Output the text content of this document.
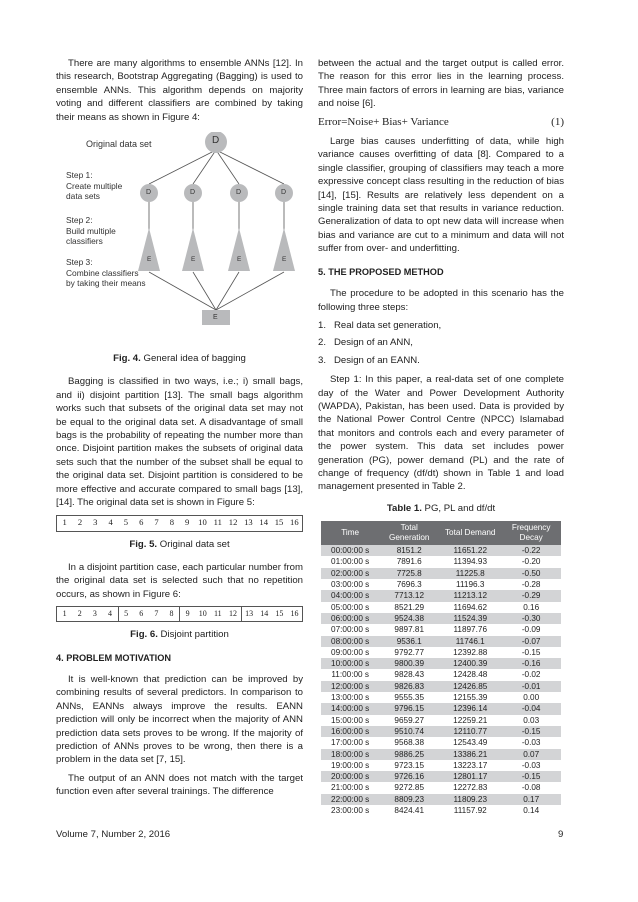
There are many algorithms to ensemble ANNs [12]. In this research, Bootstrap Aggregating (Bagging) is used to ensemble ANNs. This algorithm depends on majority voting and different classifiers are combined by taking their means as shown in Figure 4:

Original data set	D
Step 1:
Create multiple
data sets
Step 2:
Build multiple
classifiers
Step 3:
Combine classifiers
by taking their means
D	D	D	D
E	E	E	E
E
Fig. 4. General idea of bagging

Bagging is classified in two ways, i.e.; i) small bags, and ii) disjoint partition [13]. The small bags algorithm works such that subsets of the original data set may not be equal to the original data set. A disadvantage of small bags is the probability of repeating the number more than once. Disjoint partition makes the subsets of original data sets such that the number of the subset shall be equal to the original data set. Disjoint partition is considered to be more effective and accurate compared to small bags [13], [14]. The original data set is shown in Figure 5:

1	2	3	4	5	6	7	8	9	10 11 12 13 14 15 16
Fig. 5. Original data set

In a disjoint partition case, each particular number from the original data set is selected such that no repetition occurs, as shown in Figure 6:

1	2	3	4	5	6	7	8	9	10 11 12	13 14 15 16
Fig. 6. Disjoint partition
4. PROBLEM MOTIVATION

It is well-known that prediction can be improved by combining results of several predictors. In comparison to ANNs, EANNs always improve the results. EANN prediction will only be incorrect when the majority of ANN prediction data sets proves to be wrong. If the majority of prediction of ANNs proves to be wrong, then there is a problem in the data set [7, 15].

The output of an ANN does not match with the target function even after several trainings. The difference

between the actual and the target output is called error. The reason for this error lies in the learning process. Three main factors of errors in learning are bias, variance and noise [6].

Error=Noise+ Bias+ Variance	(1)

Large bias causes underfitting of data, while high variance causes overfitting of data [8]. Compared to a single classifier, grouping of classifiers may teach a more expressive concept class resulting in the reduction of bias [14], [15]. Results are relatively less dependent on a single training data set that results in variance reduction. Generalization of data to opt new data will increase when bias and variance are cut to a minimum and data will not suffer from over- and underfitting.

5. THE PROPOSED METHOD

The procedure to be adopted in this scenario has the following three steps:

1. Real data set generation,
2. Design of an ANN,
3. Design of an EANN.

Step 1: In this paper, a real-data set of one complete day of the Water and Power Development Authority (WAPDA), Pakistan, has been used. Data is provided by the National Power Control Centre (NPCC) Islamabad that monitors and controls each and every parameter of the power system. This data set includes power generation (PG), power demand (PL) and the rate of change of frequency (df/dt) shown in Table 1 and load management presented in Table 2.

Table 1. PG, PL and df/dt
Time	Total Generation	Total Demand	Frequency Decay
00:00:00 s	8151.2	11651.22	-0.22
01:00:00 s	7891.6	11394.93	-0.20
02:00:00 s	7725.8	11225.8	-0.50
03:00:00 s	7696.3	11196.3	-0.28
04:00:00 s	7713.12	11213.12	-0.29
05:00:00 s	8521.29	11694.62	0.16
06:00:00 s	9524.38	11524.39	-0.30
07:00:00 s	9897.81	11897.76	-0.09
08:00:00 s	9536.1	11746.1	-0.07
09:00:00 s	9792.77	12392.88	-0.15
10:00:00 s	9800.39	12400.39	-0.16
11:00:00 s	9828.43	12428.48	-0.02
12:00:00 s	9826.83	12426.85	-0.01
13:00:00 s	9555.35	12155.39	0.00
14:00:00 s	9796.15	12396.14	-0.04
15:00:00 s	9659.27	12259.21	0.03
16:00:00 s	9510.74	12110.77	-0.15
17:00:00 s	9568.38	12543.49	-0.03
18:00:00 s	9886.25	13386.21	0.07
19:00:00 s	9723.15	13223.17	-0.03
20:00:00 s	9726.16	12801.17	-0.15
21:00:00 s	9272.85	12272.83	-0.08
22:00:00 s	8809.23	11809.23	0.17
23:00:00 s	8424.41	11157.92	0.14
Volume 7, Number 2, 2016	9
